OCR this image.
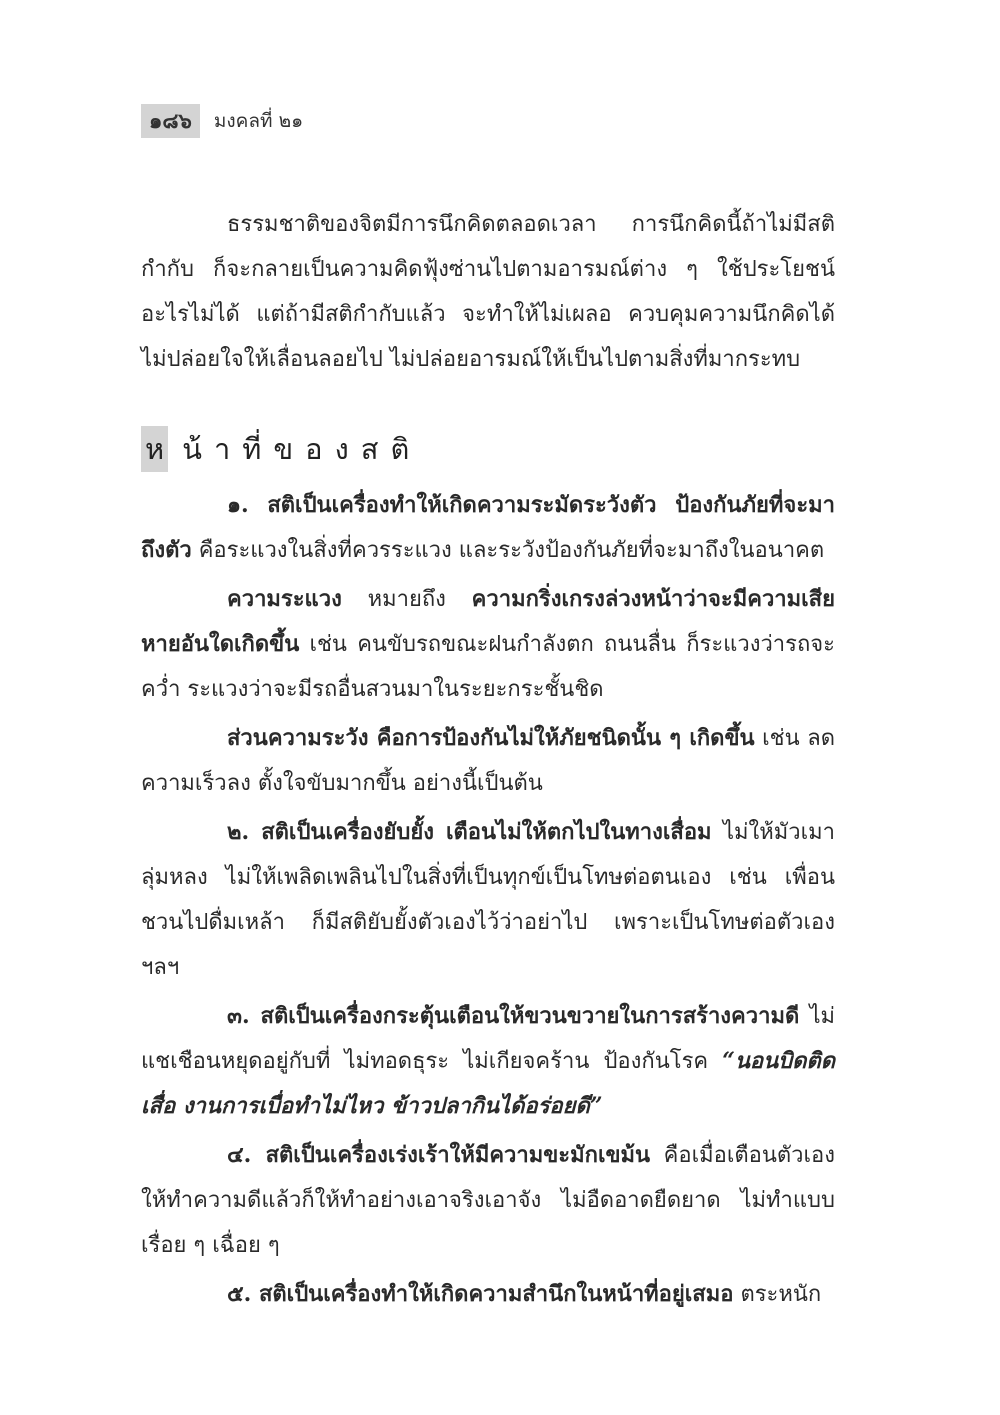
๑๘๖	มงคลที่ ๒๑

ธรรมชาติของจิตมีการนึกคิดตลอดเวลา การนึกคิดนี้ถ้าไม่มีสติกำกับ ก็จะกลายเป็นความคิดฟุ้งซ่านไปตามอารมณ์ต่าง ๆ ใช้ประโยชน์อะไรไม่ได้ แต่ถ้ามีสติกำกับแล้ว จะทำให้ไม่เผลอ ควบคุมความนึกคิดได้ ไม่ปล่อยใจให้เลื่อนลอยไป ไม่ปล่อยอารมณ์ให้เป็นไปตามสิ่งที่มากระทบ

ห น้าที่ของสติ

๑. สติเป็นเครื่องทำให้เกิดความระมัดระวังตัว ป้องกันภัยที่จะมาถึงตัว คือระแวงในสิ่งที่ควรระแวง และระวังป้องกันภัยที่จะมาถึงในอนาคต

ความระแวง หมายถึง ความกริ่งเกรงล่วงหน้าว่าจะมีความเสียหายอันใดเกิดขึ้น เช่น คนขับรถขณะฝนกำลังตก ถนนลื่น ก็ระแวงว่ารถจะคว่ำ ระแวงว่าจะมีรถอื่นสวนมาในระยะกระชั้นชิด

ส่วนความระวัง คือการป้องกันไม่ให้ภัยชนิดนั้น ๆ เกิดขึ้น เช่น ลดความเร็วลง ตั้งใจขับมากขึ้น อย่างนี้เป็นต้น

๒. สติเป็นเครื่องยับยั้ง เตือนไม่ให้ตกไปในทางเสื่อม ไม่ให้มัวเมาลุ่มหลง ไม่ให้เพลิดเพลินไปในสิ่งที่เป็นทุกข์เป็นโทษต่อตนเอง เช่น เพื่อนชวนไปดื่มเหล้า ก็มีสติยับยั้งตัวเองไว้ว่าอย่าไป เพราะเป็นโทษต่อตัวเอง ฯลฯ

๓. สติเป็นเครื่องกระตุ้นเตือนให้ขวนขวายในการสร้างความดี ไม่แชเชือนหยุดอยู่กับที่ ไม่ทอดธุระ ไม่เกียจคร้าน ป้องกันโรค “นอนบิดติดเสื่อ งานการเบื่อทำไม่ไหว ข้าวปลากินได้อร่อยดี”

๔. สติเป็นเครื่องเร่งเร้าให้มีความขะมักเขม้น คือเมื่อเตือนตัวเองให้ทำความดีแล้วก็ให้ทำอย่างเอาจริงเอาจัง ไม่อืดอาดยืดยาด ไม่ทำแบบเรื่อย ๆ เฉื่อย ๆ

๕. สติเป็นเครื่องทำให้เกิดความสำนึกในหน้าที่อยู่เสมอ ตระหนัก
